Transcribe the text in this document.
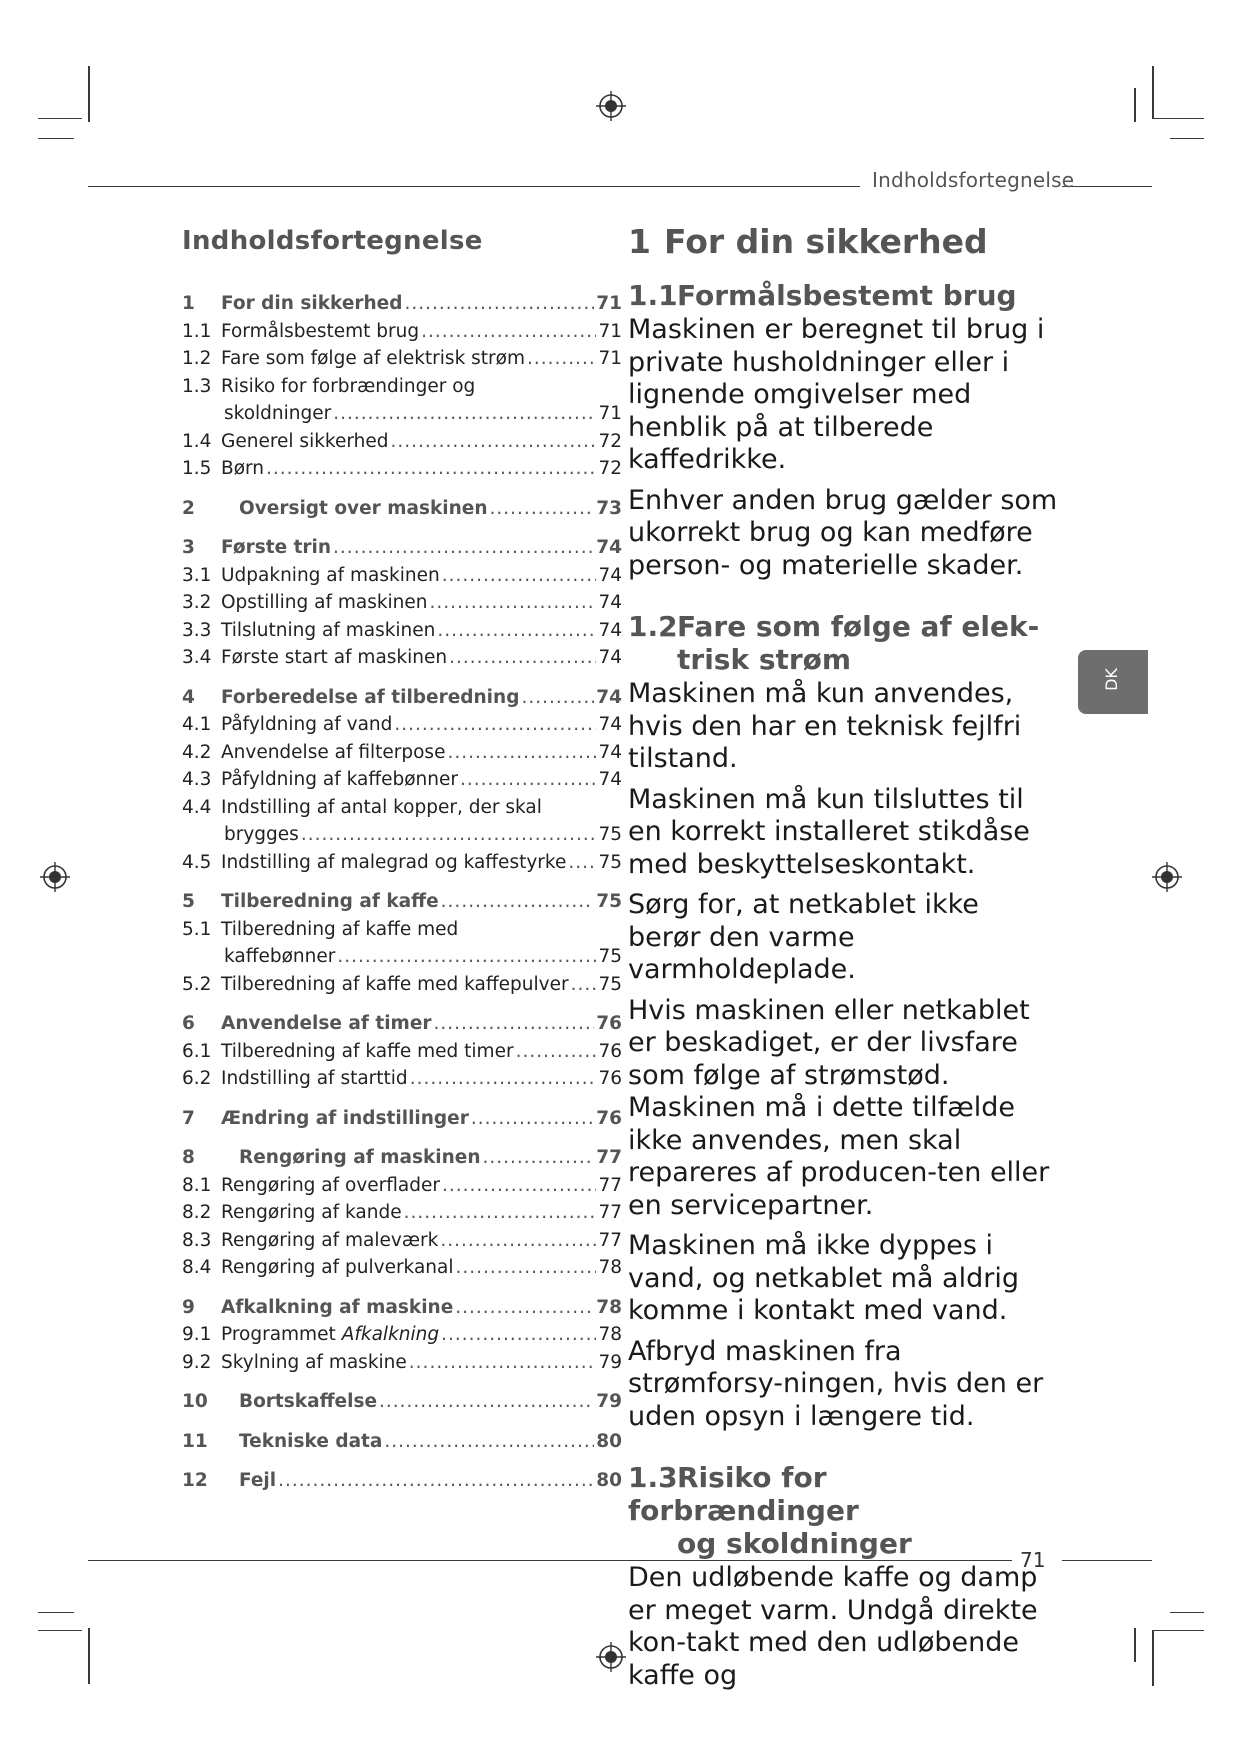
Indholdsfortegnelse
71
DK
Indholdsfortegnelse
1	For din sikkerhed .....	71
1.1 Formålsbestemt brug .....	71
1.2 Fare som følge af elektrisk strøm .....	71
1.3 Risiko for forbrændinger og
skoldninger .....	71
1.4 Generel sikkerhed .....	72
1.5 Børn .....	72
2	Oversigt over maskinen .....	73
3	Første trin .....	74
3.1 Udpakning af maskinen .....	74
3.2 Opstilling af maskinen .....	74
3.3 Tilslutning af maskinen .....	74
3.4 Første start af maskinen .....	74
4	Forberedelse af tilberedning .....	74
4.1 Påfyldning af vand .....	74
4.2 Anvendelse af filterpose .....	74
4.3 Påfyldning af kaffebønner .....	74
4.4 Indstilling af antal kopper, der skal
brygges .....	75
4.5 Indstilling af malegrad og kaffestyrke ..... 75
5	Tilberedning af kaffe .....	75
5.1 Tilberedning af kaffe med
kaffebønner .....	75
5.2 Tilberedning af kaffe med kaffepulver ..... 75
6	Anvendelse af timer .....	76
6.1 Tilberedning af kaffe med timer .....	76
6.2 Indstilling af starttid .....	76
7	Ændring af indstillinger .....	76
8	Rengøring af maskinen .....	77
8.1 Rengøring af overflader .....	77
8.2 Rengøring af kande .....	77
8.3 Rengøring af maleværk .....	77
8.4 Rengøring af pulverkanal .....	78
9	Afkalkning af maskine .....	78
9.1 Programmet Afkalkning .....	78
9.2 Skylning af maskine .....	79
10	Bortskaffelse .....	79
11	Tekniske data .....	80
12	Fejl .....	80
1 For din sikkerhed
1.1Formålsbestemt brug

Maskinen er beregnet til brug i private husholdninger eller i lignende omgivelser med henblik på at tilberede kaffedrikke.

Enhver anden brug gælder som ukorrekt brug og kan medføre person- og materielle skader.

1.2Fare som følge af elek-
trisk strøm

Maskinen må kun anvendes, hvis den har en teknisk fejlfri tilstand.

Maskinen må kun tilsluttes til en korrekt installeret stikdåse med beskyttelseskontakt.

Sørg for, at netkablet ikke berør den varme varmholdeplade.

Hvis maskinen eller netkablet er beskadiget, er der livsfare som følge af strømstød. Maskinen må i dette tilfælde ikke anvendes, men skal repareres af producen-ten eller en servicepartner.

Maskinen må ikke dyppes i vand, og netkablet må aldrig komme i kontakt med vand.

Afbryd maskinen fra strømforsy-ningen, hvis den er uden opsyn i længere tid.

1.3Risiko for forbrændinger
og skoldninger

Den udløbende kaffe og damp er meget varm. Undgå direkte kon-takt med den udløbende kaffe og
